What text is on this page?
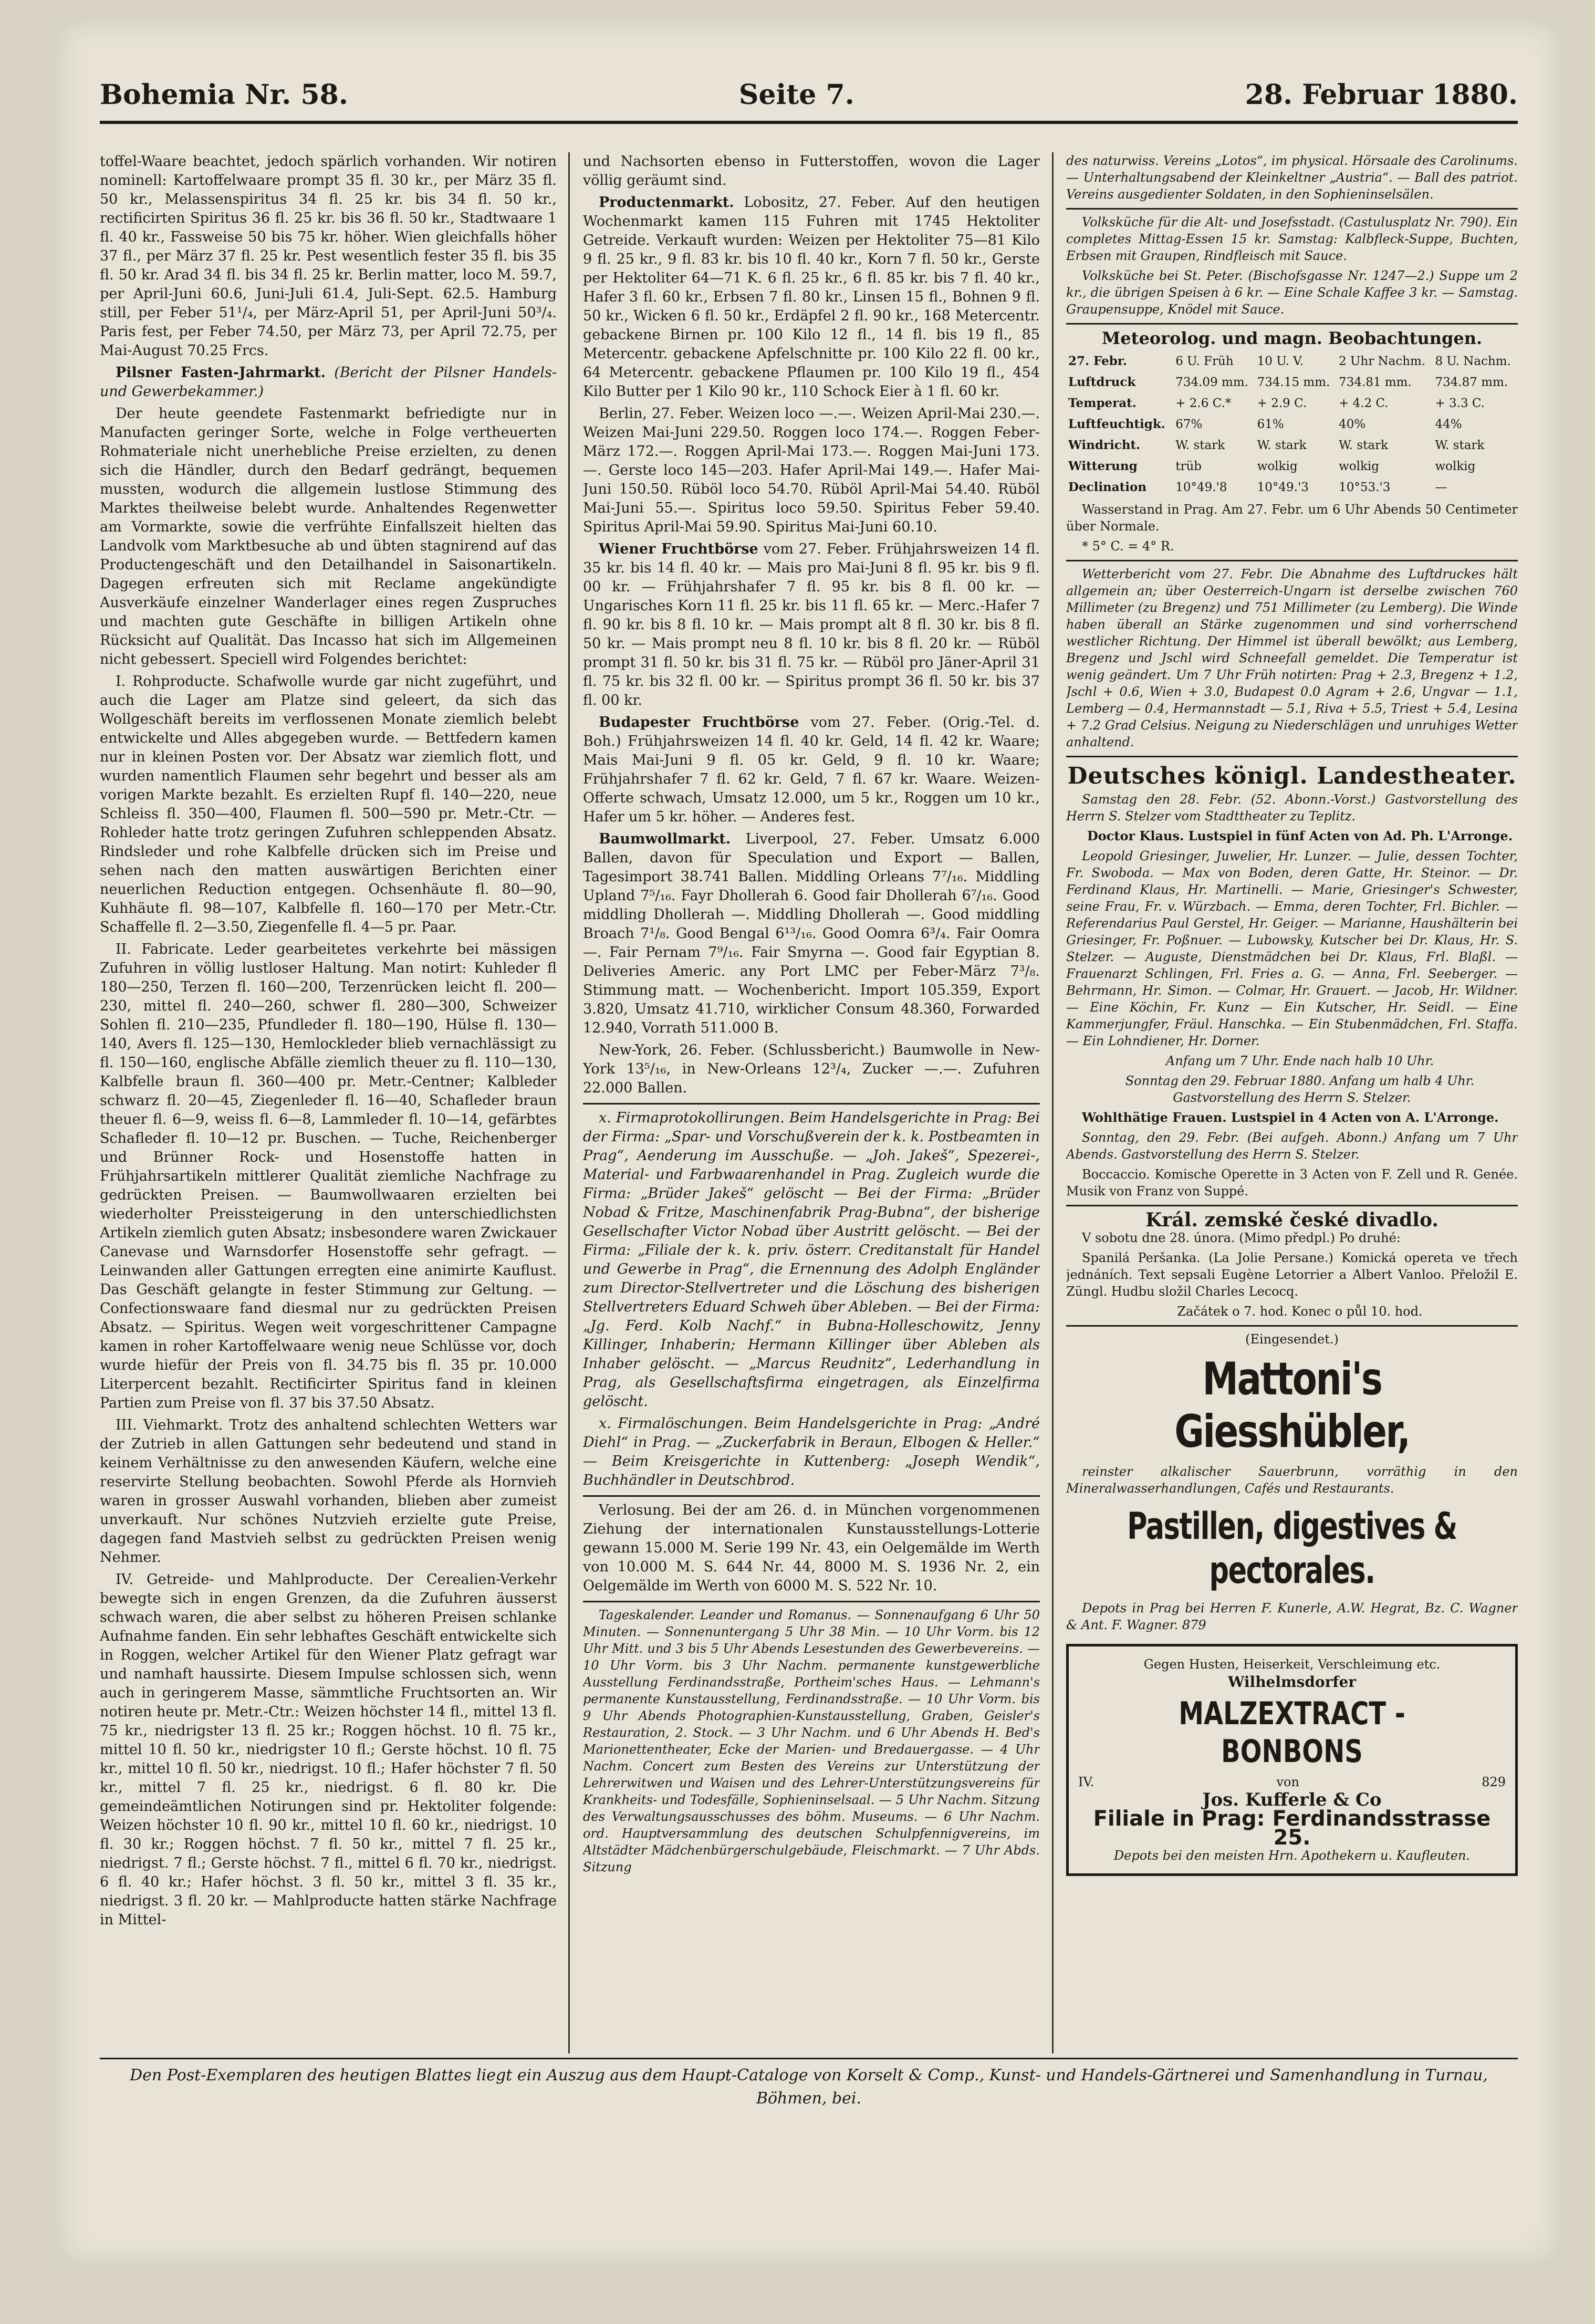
Bohemia Nr. 58.	Seite 7.	28. Februar 1880.

toffel-Waare beachtet, jedoch spärlich vorhanden. Wir notiren nominell: Kartoffelwaare prompt 35 fl. 30 kr., per März 35 fl. 50 kr., Melassenspiritus 34 fl. 25 kr. bis 34 fl. 50 kr., rectificirten Spiritus 36 fl. 25 kr. bis 36 fl. 50 kr., Stadtwaare 1 fl. 40 kr., Fassweise 50 bis 75 kr. höher. Wien gleichfalls höher 37 fl., per März 37 fl. 25 kr. Pest wesentlich fester 35 fl. bis 35 fl. 50 kr. Arad 34 fl. bis 34 fl. 25 kr. Berlin matter, loco M. 59.7, per April-Juni 60.6, Juni-Juli 61.4, Juli-Sept. 62.5. Hamburg still, per Feber 51¹/₄, per März-April 51, per April-Juni 50³/₄. Paris fest, per Feber 74.50, per März 73, per April 72.75, per Mai-August 70.25 Frcs.

Pilsner Fasten-Jahrmarkt. (Bericht der Pilsner Handels- und Gewerbekammer.)

Der heute geendete Fastenmarkt befriedigte nur in Manufacten geringer Sorte, welche in Folge vertheuerten Rohmateriale nicht unerhebliche Preise erzielten, zu denen sich die Händler, durch den Bedarf gedrängt, bequemen mussten, wodurch die allgemein lustlose Stimmung des Marktes theilweise belebt wurde. Anhaltendes Regenwetter am Vormarkte, sowie die verfrühte Einfallszeit hielten das Landvolk vom Marktbesuche ab und übten stagnirend auf das Productengeschäft und den Detailhandel in Saisonartikeln. Dagegen erfreuten sich mit Reclame angekündigte Ausverkäufe einzelner Wanderlager eines regen Zuspruches und machten gute Geschäfte in billigen Artikeln ohne Rücksicht auf Qualität. Das Incasso hat sich im Allgemeinen nicht gebessert. Speciell wird Folgendes berichtet:

I. Rohproducte. Schafwolle wurde gar nicht zugeführt, und auch die Lager am Platze sind geleert, da sich das Wollgeschäft bereits im verflossenen Monate ziemlich belebt entwickelte und Alles abgegeben wurde. — Bettfedern kamen nur in kleinen Posten vor. Der Absatz war ziemlich flott, und wurden namentlich Flaumen sehr begehrt und besser als am vorigen Markte bezahlt. Es erzielten Rupf fl. 140—220, neue Schleiss fl. 350—400, Flaumen fl. 500—590 pr. Metr.-Ctr. — Rohleder hatte trotz geringen Zufuhren schleppenden Absatz. Rindsleder und rohe Kalbfelle drücken sich im Preise und sehen nach den matten auswärtigen Berichten einer neuerlichen Reduction entgegen. Ochsenhäute fl. 80—90, Kuhhäute fl. 98—107, Kalbfelle fl. 160—170 per Metr.-Ctr. Schaffelle fl. 2—3.50, Ziegenfelle fl. 4—5 pr. Paar.

II. Fabricate. Leder gearbeitetes verkehrte bei mässigen Zufuhren in völlig lustloser Haltung. Man notirt: Kuhleder fl 180—250, Terzen fl. 160—200, Terzenrücken leicht fl. 200—230, mittel fl. 240—260, schwer fl. 280—300, Schweizer Sohlen fl. 210—235, Pfundleder fl. 180—190, Hülse fl. 130—140, Avers fl. 125—130, Hemlockleder blieb vernachlässigt zu fl. 150—160, englische Abfälle ziemlich theuer zu fl. 110—130, Kalbfelle braun fl. 360—400 pr. Metr.-Centner; Kalbleder schwarz fl. 20—45, Ziegenleder fl. 16—40, Schafleder braun theuer fl. 6—9, weiss fl. 6—8, Lammleder fl. 10—14, gefärbtes Schafleder fl. 10—12 pr. Buschen. — Tuche, Reichenberger und Brünner Rock- und Hosenstoffe hatten in Frühjahrsartikeln mittlerer Qualität ziemliche Nachfrage zu gedrückten Preisen. — Baumwollwaaren erzielten bei wiederholter Preissteigerung in den unterschiedlichsten Artikeln ziemlich guten Absatz; insbesondere waren Zwickauer Canevase und Warnsdorfer Hosenstoffe sehr gefragt. — Leinwanden aller Gattungen erregten eine animirte Kauflust. Das Geschäft gelangte in fester Stimmung zur Geltung. — Confectionswaare fand diesmal nur zu gedrückten Preisen Absatz. — Spiritus. Wegen weit vorgeschrittener Campagne kamen in roher Kartoffelwaare wenig neue Schlüsse vor, doch wurde hiefür der Preis von fl. 34.75 bis fl. 35 pr. 10.000 Literpercent bezahlt. Rectificirter Spiritus fand in kleinen Partien zum Preise von fl. 37 bis 37.50 Absatz.

III. Viehmarkt. Trotz des anhaltend schlechten Wetters war der Zutrieb in allen Gattungen sehr bedeutend und stand in keinem Verhältnisse zu den anwesenden Käufern, welche eine reservirte Stellung beobachten. Sowohl Pferde als Hornvieh waren in grosser Auswahl vorhanden, blieben aber zumeist unverkauft. Nur schönes Nutzvieh erzielte gute Preise, dagegen fand Mastvieh selbst zu gedrückten Preisen wenig Nehmer.

IV. Getreide- und Mahlproducte. Der Cerealien-Verkehr bewegte sich in engen Grenzen, da die Zufuhren äusserst schwach waren, die aber selbst zu höheren Preisen schlanke Aufnahme fanden. Ein sehr lebhaftes Geschäft entwickelte sich in Roggen, welcher Artikel für den Wiener Platz gefragt war und namhaft haussirte. Diesem Impulse schlossen sich, wenn auch in geringerem Masse, sämmtliche Fruchtsorten an. Wir notiren heute pr. Metr.-Ctr.: Weizen höchster 14 fl., mittel 13 fl. 75 kr., niedrigster 13 fl. 25 kr.; Roggen höchst. 10 fl. 75 kr., mittel 10 fl. 50 kr., niedrigster 10 fl.; Gerste höchst. 10 fl. 75 kr., mittel 10 fl. 50 kr., niedrigst. 10 fl.; Hafer höchster 7 fl. 50 kr., mittel 7 fl. 25 kr., niedrigst. 6 fl. 80 kr. Die gemeindeämtlichen Notirungen sind pr. Hektoliter folgende: Weizen höchster 10 fl. 90 kr., mittel 10 fl. 60 kr., niedrigst. 10 fl. 30 kr.; Roggen höchst. 7 fl. 50 kr., mittel 7 fl. 25 kr., niedrigst. 7 fl.; Gerste höchst. 7 fl., mittel 6 fl. 70 kr., niedrigst. 6 fl. 40 kr.; Hafer höchst. 3 fl. 50 kr., mittel 3 fl. 35 kr., niedrigst. 3 fl. 20 kr. — Mahlproducte hatten stärke Nachfrage in Mittel-

und Nachsorten ebenso in Futterstoffen, wovon die Lager völlig geräumt sind.

Productenmarkt. Lobositz, 27. Feber. Auf den heutigen Wochenmarkt kamen 115 Fuhren mit 1745 Hektoliter Getreide. Verkauft wurden: Weizen per Hektoliter 75—81 Kilo 9 fl. 25 kr., 9 fl. 83 kr. bis 10 fl. 40 kr., Korn 7 fl. 50 kr., Gerste per Hektoliter 64—71 K. 6 fl. 25 kr., 6 fl. 85 kr. bis 7 fl. 40 kr., Hafer 3 fl. 60 kr., Erbsen 7 fl. 80 kr., Linsen 15 fl., Bohnen 9 fl. 50 kr., Wicken 6 fl. 50 kr., Erdäpfel 2 fl. 90 kr., 168 Metercentr. gebackene Birnen pr. 100 Kilo 12 fl., 14 fl. bis 19 fl., 85 Metercentr. gebackene Apfelschnitte pr. 100 Kilo 22 fl. 00 kr., 64 Metercentr. gebackene Pflaumen pr. 100 Kilo 19 fl., 454 Kilo Butter per 1 Kilo 90 kr., 110 Schock Eier à 1 fl. 60 kr.

Berlin, 27. Feber. Weizen loco —.—. Weizen April-Mai 230.—. Weizen Mai-Juni 229.50. Roggen loco 174.—. Roggen Feber-März 172.—. Roggen April-Mai 173.—. Roggen Mai-Juni 173.—. Gerste loco 145—203. Hafer April-Mai 149.—. Hafer Mai-Juni 150.50. Rüböl loco 54.70. Rüböl April-Mai 54.40. Rüböl Mai-Juni 55.—. Spiritus loco 59.50. Spiritus Feber 59.40. Spiritus April-Mai 59.90. Spiritus Mai-Juni 60.10.

Wiener Fruchtbörse vom 27. Feber. Frühjahrsweizen 14 fl. 35 kr. bis 14 fl. 40 kr. — Mais pro Mai-Juni 8 fl. 95 kr. bis 9 fl. 00 kr. — Frühjahrshafer 7 fl. 95 kr. bis 8 fl. 00 kr. — Ungarisches Korn 11 fl. 25 kr. bis 11 fl. 65 kr. — Merc.-Hafer 7 fl. 90 kr. bis 8 fl. 10 kr. — Mais prompt alt 8 fl. 30 kr. bis 8 fl. 50 kr. — Mais prompt neu 8 fl. 10 kr. bis 8 fl. 20 kr. — Rüböl prompt 31 fl. 50 kr. bis 31 fl. 75 kr. — Rüböl pro Jäner-April 31 fl. 75 kr. bis 32 fl. 00 kr. — Spiritus prompt 36 fl. 50 kr. bis 37 fl. 00 kr.

Budapester Fruchtbörse vom 27. Feber. (Orig.-Tel. d. Boh.) Frühjahrsweizen 14 fl. 40 kr. Geld, 14 fl. 42 kr. Waare; Mais Mai-Juni 9 fl. 05 kr. Geld, 9 fl. 10 kr. Waare; Frühjahrshafer 7 fl. 62 kr. Geld, 7 fl. 67 kr. Waare. Weizen-Offerte schwach, Umsatz 12.000, um 5 kr., Roggen um 10 kr., Hafer um 5 kr. höher. — Anderes fest.

Baumwollmarkt. Liverpool, 27. Feber. Umsatz 6.000 Ballen, davon für Speculation und Export — Ballen, Tagesimport 38.741 Ballen. Middling Orleans 7⁷/₁₆. Middling Upland 7⁵/₁₆. Fayr Dhollerah 6. Good fair Dhollerah 6⁷/₁₆. Good middling Dhollerah —. Middling Dhollerah —. Good middling Broach 7¹/₈. Good Bengal 6¹³/₁₆. Good Oomra 6³/₄. Fair Oomra —. Fair Pernam 7⁹/₁₆. Fair Smyrna —. Good fair Egyptian 8. Deliveries Americ. any Port LMC per Feber-März 7³/₈. Stimmung matt. — Wochenbericht. Import 105.359, Export 3.820, Umsatz 41.710, wirklicher Consum 48.360, Forwarded 12.940, Vorrath 511.000 B.

New-York, 26. Feber. (Schlussbericht.) Baumwolle in New-York 13⁵/₁₆, in New-Orleans 12³/₄, Zucker —.—. Zufuhren 22.000 Ballen.

x. Firmaprotokollirungen. Beim Handelsgerichte in Prag: Bei der Firma: „Spar- und Vorschußverein der k. k. Postbeamten in Prag“, Aenderung im Ausschuße. — „Joh. Jakeš“, Spezerei-, Material- und Farbwaarenhandel in Prag. Zugleich wurde die Firma: „Brüder Jakeš“ gelöscht — Bei der Firma: „Brüder Nobad & Fritze, Maschinenfabrik Prag-Bubna“, der bisherige Gesellschafter Victor Nobad über Austritt gelöscht. — Bei der Firma: „Filiale der k. k. priv. österr. Creditanstalt für Handel und Gewerbe in Prag“, die Ernennung des Adolph Engländer zum Director-Stellvertreter und die Löschung des bisherigen Stellvertreters Eduard Schweh über Ableben. — Bei der Firma: „Jg. Ferd. Kolb Nachf.“ in Bubna-Holleschowitz, Jenny Killinger, Inhaberin; Hermann Killinger über Ableben als Inhaber gelöscht. — „Marcus Reudnitz“, Lederhandlung in Prag, als Gesellschaftsfirma eingetragen, als Einzelfirma gelöscht.

x. Firmalöschungen. Beim Handelsgerichte in Prag: „André Diehl“ in Prag. — „Zuckerfabrik in Beraun, Elbogen & Heller.“ — Beim Kreisgerichte in Kuttenberg: „Joseph Wendik“, Buchhändler in Deutschbrod.

Verlosung. Bei der am 26. d. in München vorgenommenen Ziehung der internationalen Kunstausstellungs-Lotterie gewann 15.000 M. Serie 199 Nr. 43, ein Oelgemälde im Werth von 10.000 M. S. 644 Nr. 44, 8000 M. S. 1936 Nr. 2, ein Oelgemälde im Werth von 6000 M. S. 522 Nr. 10.

Tageskalender. Leander und Romanus. — Sonnenaufgang 6 Uhr 50 Minuten. — Sonnenuntergang 5 Uhr 38 Min. — 10 Uhr Vorm. bis 12 Uhr Mitt. und 3 bis 5 Uhr Abends Lesestunden des Gewerbevereins. — 10 Uhr Vorm. bis 3 Uhr Nachm. permanente kunstgewerbliche Ausstellung Ferdinandsstraße, Portheim'sches Haus. — Lehmann's permanente Kunstausstellung, Ferdinandsstraße. — 10 Uhr Vorm. bis 9 Uhr Abends Photographien-Kunstausstellung, Graben, Geisler's Restauration, 2. Stock. — 3 Uhr Nachm. und 6 Uhr Abends H. Bed's Marionettentheater, Ecke der Marien- und Bredauergasse. — 4 Uhr Nachm. Concert zum Besten des Vereins zur Unterstützung der Lehrerwitwen und Waisen und des Lehrer-Unterstützungsvereins für Krankheits- und Todesfälle, Sophieninselsaal. — 5 Uhr Nachm. Sitzung des Verwaltungsausschusses des böhm. Museums. — 6 Uhr Nachm. ord. Hauptversammlung des deutschen Schulpfennigvereins, im Altstädter Mädchenbürgerschulgebäude, Fleischmarkt. — 7 Uhr Abds. Sitzung

des naturwiss. Vereins „Lotos“, im physical. Hörsaale des Carolinums. — Unterhaltungsabend der Kleinkeltner „Austria“. — Ball des patriot. Vereins ausgedienter Soldaten, in den Sophieninselsälen.

Volksküche für die Alt- und Josefsstadt. (Castulusplatz Nr. 790). Ein completes Mittag-Essen 15 kr. Samstag: Kalbfleck-Suppe, Buchten, Erbsen mit Graupen, Rindfleisch mit Sauce.

Volksküche bei St. Peter. (Bischofsgasse Nr. 1247—2.) Suppe um 2 kr., die übrigen Speisen à 6 kr. — Eine Schale Kaffee 3 kr. — Samstag. Graupensuppe, Knödel mit Sauce.

Meteorolog. und magn. Beobachtungen.
27. Febr.	6 U. Früh	10 U. V.	2 Uhr Nachm.	8 U. Nachm.
Luftdruck	734.09 mm.	734.15 mm.	734.81 mm.	734.87 mm.
Temperat.	+ 2.6 C.*	+ 2.9 C.	+ 4.2 C.	+ 3.3 C.
Luftfeuchtigk.	67%	61%	40%	44%
Windricht.	W. stark	W. stark	W. stark	W. stark
Witterung	trüb	wolkig	wolkig	wolkig
Declination	10°49.'8	10°49.'3	10°53.'3	—

Wasserstand in Prag. Am 27. Febr. um 6 Uhr Abends 50 Centimeter über Normale.

* 5° C. = 4° R.

Wetterbericht vom 27. Febr. Die Abnahme des Luftdruckes hält allgemein an; über Oesterreich-Ungarn ist derselbe zwischen 760 Millimeter (zu Bregenz) und 751 Millimeter (zu Lemberg). Die Winde haben überall an Stärke zugenommen und sind vorherrschend westlicher Richtung. Der Himmel ist überall bewölkt; aus Lemberg, Bregenz und Jschl wird Schneefall gemeldet. Die Temperatur ist wenig geändert. Um 7 Uhr Früh notirten: Prag + 2.3, Bregenz + 1.2, Jschl + 0.6, Wien + 3.0, Budapest 0.0 Agram + 2.6, Ungvar — 1.1, Lemberg — 0.4, Hermannstadt — 5.1, Riva + 5.5, Triest + 5.4, Lesina + 7.2 Grad Celsius. Neigung zu Niederschlägen und unruhiges Wetter anhaltend.

Deutsches königl. Landestheater.

Samstag den 28. Febr. (52. Abonn.-Vorst.) Gastvorstellung des Herrn S. Stelzer vom Stadttheater zu Teplitz.

Doctor Klaus. Lustspiel in fünf Acten von Ad. Ph. L'Arronge.

Leopold Griesinger, Juwelier, Hr. Lunzer. — Julie, dessen Tochter, Fr. Swoboda. — Max von Boden, deren Gatte, Hr. Steinor. — Dr. Ferdinand Klaus, Hr. Martinelli. — Marie, Griesinger's Schwester, seine Frau, Fr. v. Würzbach. — Emma, deren Tochter, Frl. Bichler. — Referendarius Paul Gerstel, Hr. Geiger. — Marianne, Haushälterin bei Griesinger, Fr. Poßnuer. — Lubowsky, Kutscher bei Dr. Klaus, Hr. S. Stelzer. — Auguste, Dienstmädchen bei Dr. Klaus, Frl. Blaßl. — Frauenarzt Schlingen, Frl. Fries a. G. — Anna, Frl. Seeberger. — Behrmann, Hr. Simon. — Colmar, Hr. Grauert. — Jacob, Hr. Wildner. — Eine Köchin, Fr. Kunz — Ein Kutscher, Hr. Seidl. — Eine Kammerjungfer, Fräul. Hanschka. — Ein Stubenmädchen, Frl. Staffa. — Ein Lohndiener, Hr. Dorner.

Anfang um 7 Uhr. Ende nach halb 10 Uhr.

Sonntag den 29. Februar 1880. Anfang um halb 4 Uhr. Gastvorstellung des Herrn S. Stelzer.

Wohlthätige Frauen. Lustspiel in 4 Acten von A. L'Arronge.

Sonntag, den 29. Febr. (Bei aufgeh. Abonn.) Anfang um 7 Uhr Abends. Gastvorstellung des Herrn S. Stelzer.

Boccaccio. Komische Operette in 3 Acten von F. Zell und R. Genée. Musik von Franz von Suppé.

Král. zemské české divadlo.

V sobotu dne 28. února. (Mimo předpl.) Po druhé:

Spanilá Peršanka. (La Jolie Persane.) Komická opereta ve třech jednáních. Text sepsali Eugène Letorrier a Albert Vanloo. Přeložil E. Züngl. Hudbu složil Charles Lecocq.

Začátek o 7. hod. Konec o půl 10. hod.

(Eingesendet.)
Mattoni's Giesshübler,

reinster alkalischer Sauerbrunn, vorräthig in den Mineralwasserhandlungen, Cafés und Restaurants.

Pastillen, digestives & pectorales.

Depots in Prag bei Herren F. Kunerle, A.W. Hegrat, Bz. C. Wagner & Ant. F. Wagner. 879

Gegen Husten, Heiserkeit, Verschleimung etc.
Wilhelmsdorfer
MALZEXTRACT - BONBONS
IV.	von	829
Jos. Kufferle & Co
Filiale in Prag: Ferdinandsstrasse 25.
Depots bei den meisten Hrn. Apothekern u. Kaufleuten.
Den Post-Exemplaren des heutigen Blattes liegt ein Auszug aus dem Haupt-Cataloge von Korselt & Comp., Kunst- und Handels-Gärtnerei und Samenhandlung in Turnau, Böhmen, bei.
